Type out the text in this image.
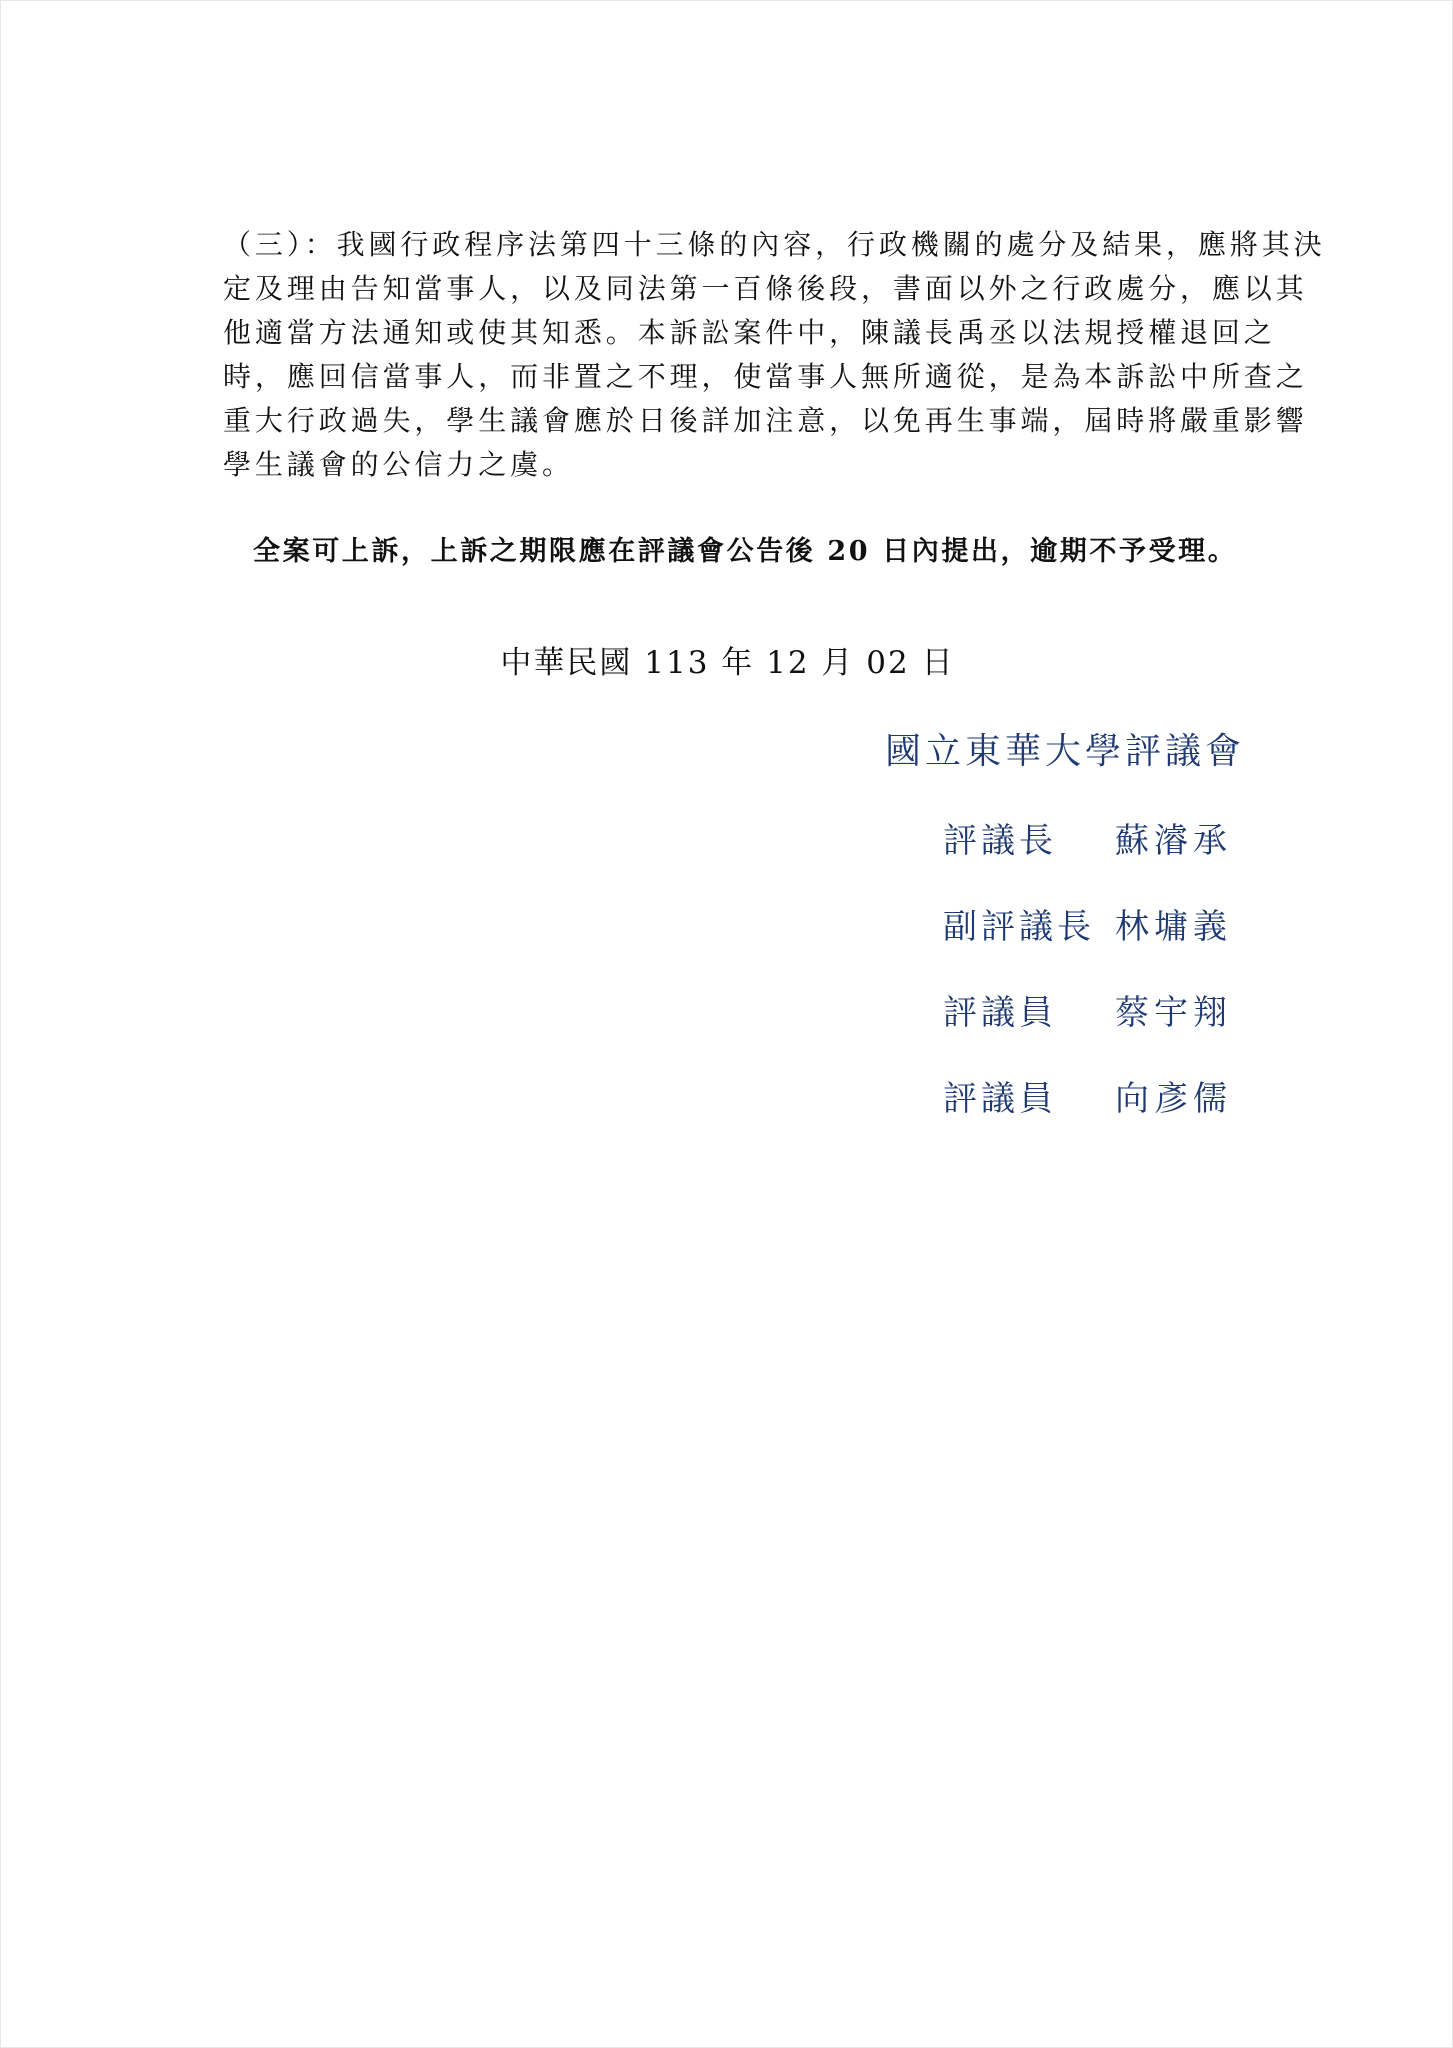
（三）：我國行政程序法第四十三條的內容，行政機關的處分及結果，應將其決
定及理由告知當事人，以及同法第一百條後段，書面以外之行政處分，應以其
他適當方法通知或使其知悉。本訴訟案件中，陳議長禹丞以法規授權退回之
時，應回信當事人，而非置之不理，使當事人無所適從，是為本訴訟中所查之
重大行政過失，學生議會應於日後詳加注意，以免再生事端，屆時將嚴重影響
學生議會的公信力之虞。
全案可上訴，上訴之期限應在評議會公告後 20 日內提出，逾期不予受理。
中華民國 113 年 12 月 02 日
國立東華大學評議會
評議長 蘇濬承
副評議長 林墉義
評議員 蔡宇翔
評議員 向彥儒
